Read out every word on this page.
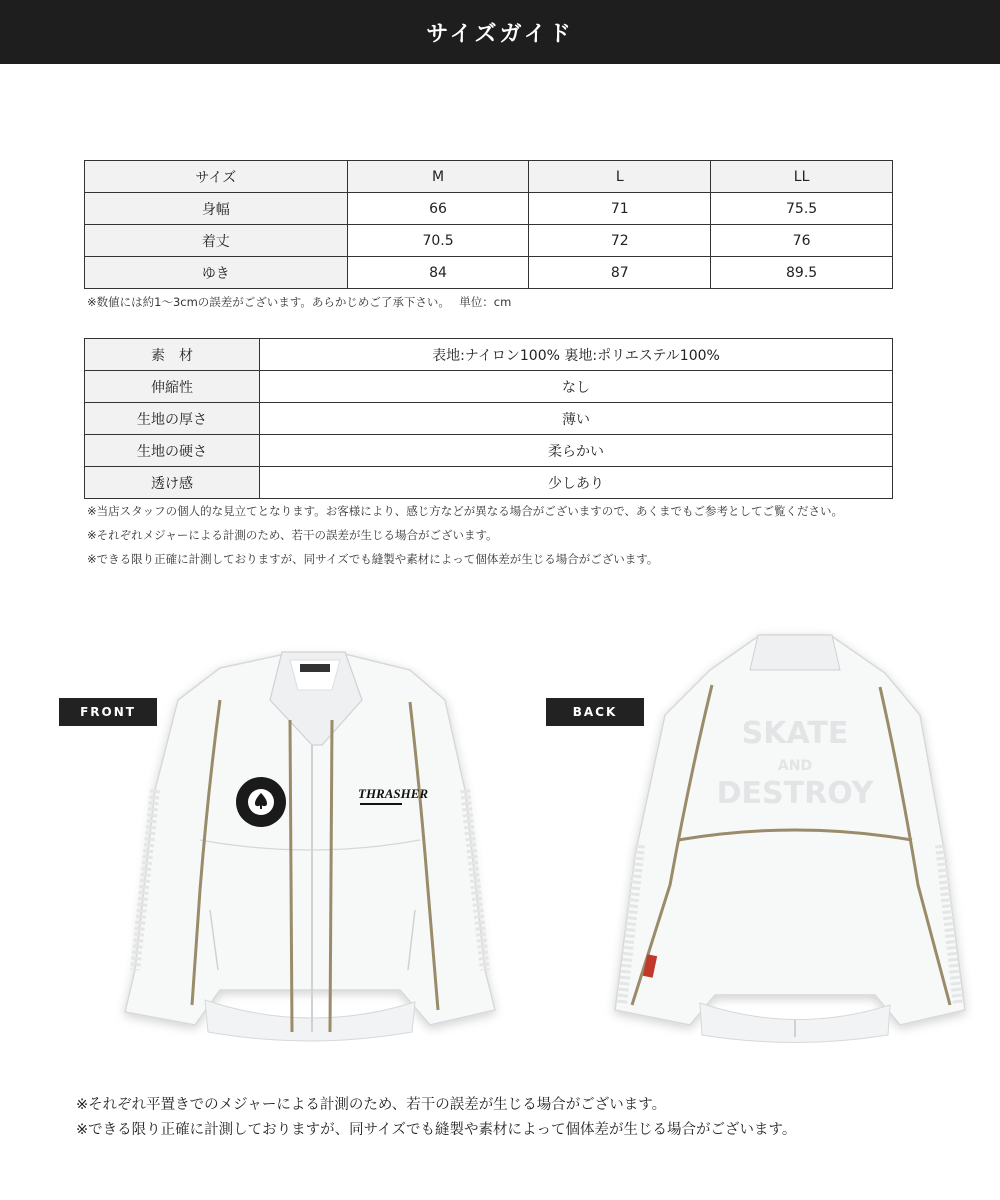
サイズガイド
サイズ	M	L	LL
身幅	66	71	75.5
着丈	70.5	72	76
ゆき	84	87	89.5
※数値には約1〜3cmの誤差がございます。あらかじめご了承下さい。　 単位：cm
素　材	表地:ナイロン100% 裏地:ポリエステル100%
伸縮性	なし
生地の厚さ	薄い
生地の硬さ	柔らかい
透け感	少しあり
※当店スタッフの個人的な見立てとなります。お客様により、感じ方などが異なる場合がございますので、あくまでもご参考としてご覧ください。
※それぞれメジャーによる計測のため、若干の誤差が生じる場合がございます。
※できる限り正確に計測しておりますが、同サイズでも縫製や素材によって個体差が生じる場合がございます。
FRONT	BACK
THRASHER
SKATE
AND
DESTROY
※それぞれ平置きでのメジャーによる計測のため、若干の誤差が生じる場合がございます。
※できる限り正確に計測しておりますが、同サイズでも縫製や素材によって個体差が生じる場合がございます。
